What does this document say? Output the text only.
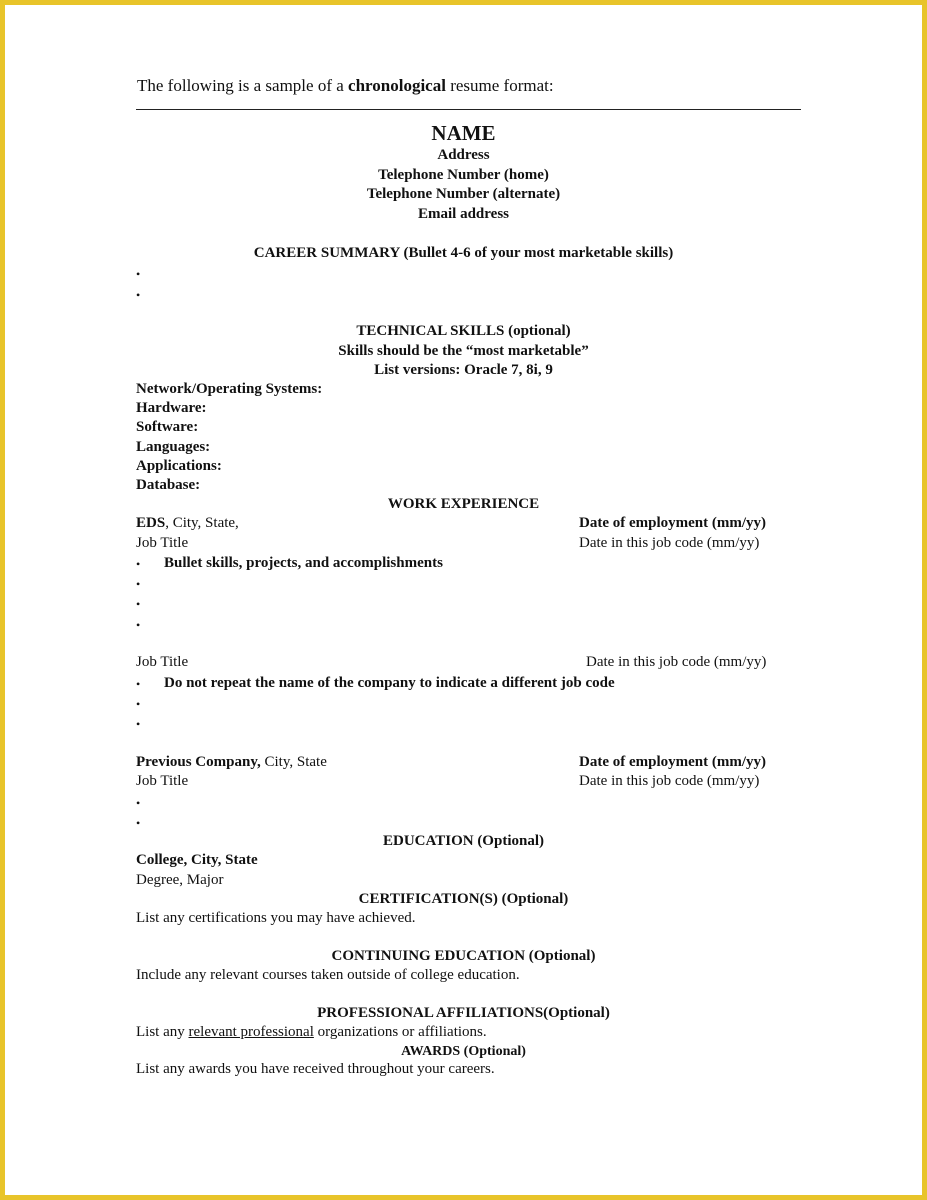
The following is a sample of a chronological resume format:
NAME
Address
Telephone Number (home)
Telephone Number (alternate)
Email address
CAREER SUMMARY (Bullet 4-6 of your most marketable skills)
•
•
TECHNICAL SKILLS (optional)
Skills should be the “most marketable”
List versions: Oracle 7, 8i, 9
Network/Operating Systems:
Hardware:
Software:
Languages:
Applications:
Database:
WORK EXPERIENCE
EDS, City, State,	Date of employment (mm/yy)
Job Title	Date in this job code (mm/yy)
• Bullet skills, projects, and accomplishments
•
•
•
Job Title	Date in this job code (mm/yy)
• Do not repeat the name of the company to indicate a different job code
•
•
Previous Company, City, State	Date of employment (mm/yy)
Job Title	Date in this job code (mm/yy)
•
•
EDUCATION (Optional)
College, City, State
Degree, Major
CERTIFICATION(S) (Optional)
List any certifications you may have achieved.
CONTINUING EDUCATION (Optional)
Include any relevant courses taken outside of college education.
PROFESSIONAL AFFILIATIONS(Optional)
List any relevant professional organizations or affiliations.
AWARDS (Optional)
List any awards you have received throughout your careers.
